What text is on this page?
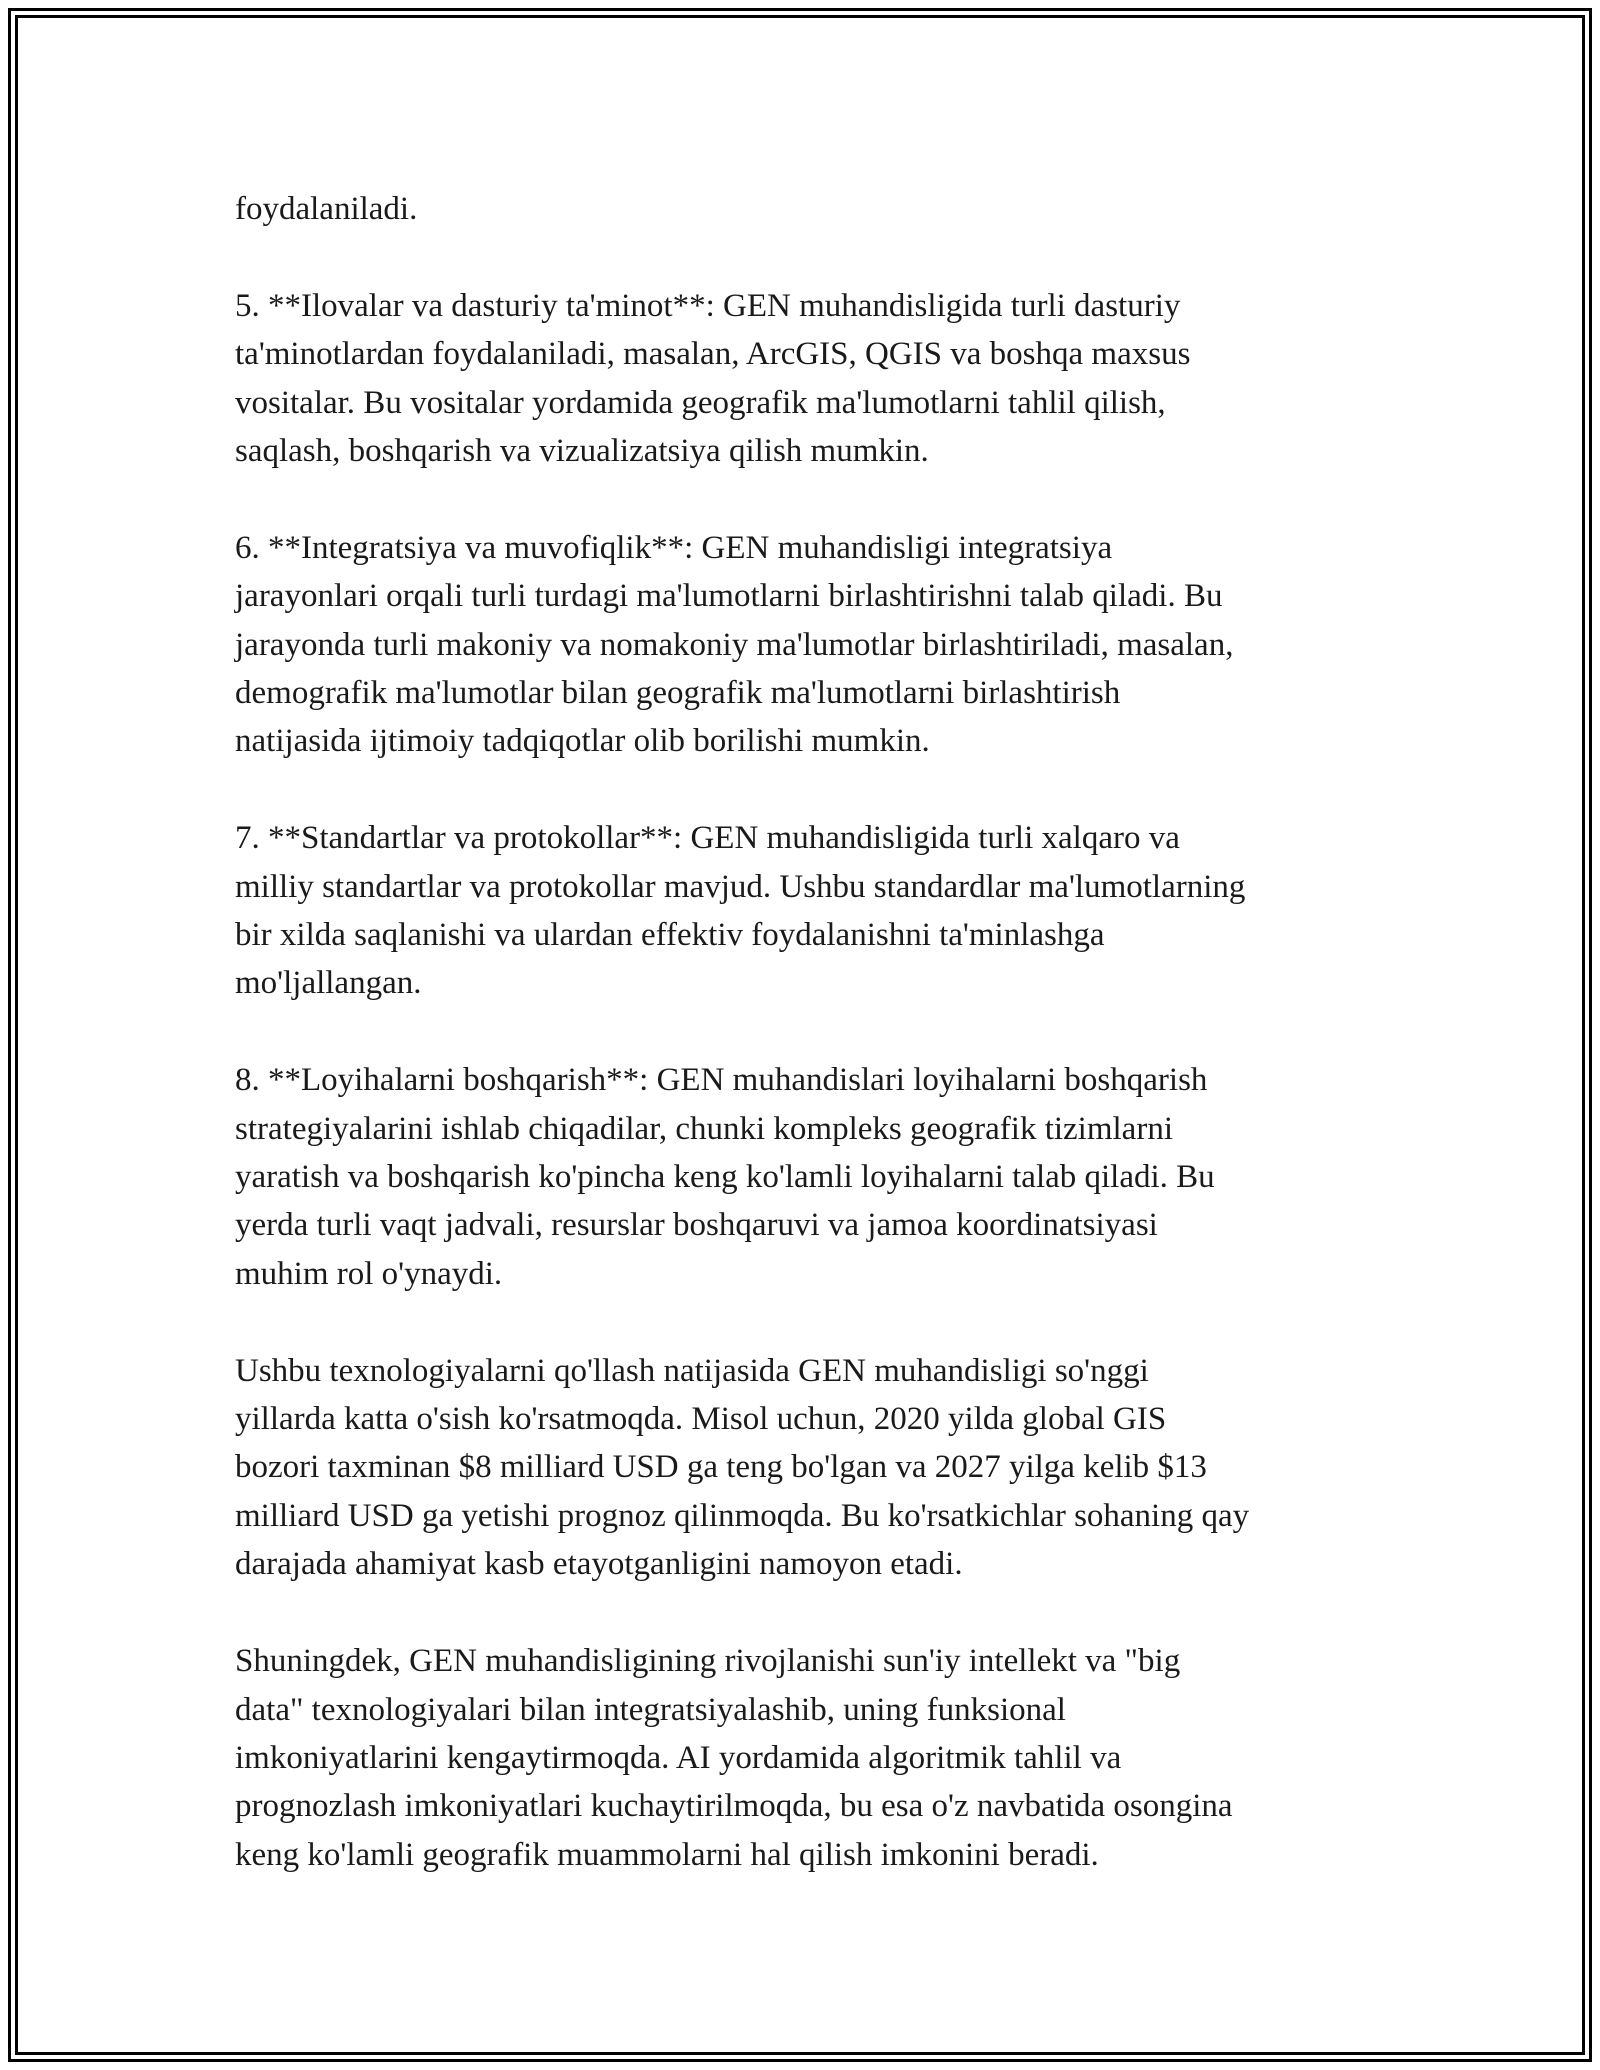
foydalaniladi.

5. **Ilovalar va dasturiy ta'minot**: GEN muhandisligida turli dasturiy
ta'minotlardan foydalaniladi, masalan, ArcGIS, QGIS va boshqa maxsus
vositalar. Bu vositalar yordamida geografik ma'lumotlarni tahlil qilish,
saqlash, boshqarish va vizualizatsiya qilish mumkin.

6. **Integratsiya va muvofiqlik**: GEN muhandisligi integratsiya
jarayonlari orqali turli turdagi ma'lumotlarni birlashtirishni talab qiladi. Bu
jarayonda turli makoniy va nomakoniy ma'lumotlar birlashtiriladi, masalan,
demografik ma'lumotlar bilan geografik ma'lumotlarni birlashtirish
natijasida ijtimoiy tadqiqotlar olib borilishi mumkin.

7. **Standartlar va protokollar**: GEN muhandisligida turli xalqaro va
milliy standartlar va protokollar mavjud. Ushbu standardlar ma'lumotlarning
bir xilda saqlanishi va ulardan effektiv foydalanishni ta'minlashga
mo'ljallangan.

8. **Loyihalarni boshqarish**: GEN muhandislari loyihalarni boshqarish
strategiyalarini ishlab chiqadilar, chunki kompleks geografik tizimlarni
yaratish va boshqarish ko'pincha keng ko'lamli loyihalarni talab qiladi. Bu
yerda turli vaqt jadvali, resurslar boshqaruvi va jamoa koordinatsiyasi
muhim rol o'ynaydi.

Ushbu texnologiyalarni qo'llash natijasida GEN muhandisligi so'nggi
yillarda katta o'sish ko'rsatmoqda. Misol uchun, 2020 yilda global GIS
bozori taxminan $8 milliard USD ga teng bo'lgan va 2027 yilga kelib $13
milliard USD ga yetishi prognoz qilinmoqda. Bu ko'rsatkichlar sohaning qay
darajada ahamiyat kasb etayotganligini namoyon etadi.

Shuningdek, GEN muhandisligining rivojlanishi sun'iy intellekt va "big
data" texnologiyalari bilan integratsiyalashib, uning funksional
imkoniyatlarini kengaytirmoqda. AI yordamida algoritmik tahlil va
prognozlash imkoniyatlari kuchaytirilmoqda, bu esa o'z navbatida osongina
keng ko'lamli geografik muammolarni hal qilish imkonini beradi.
